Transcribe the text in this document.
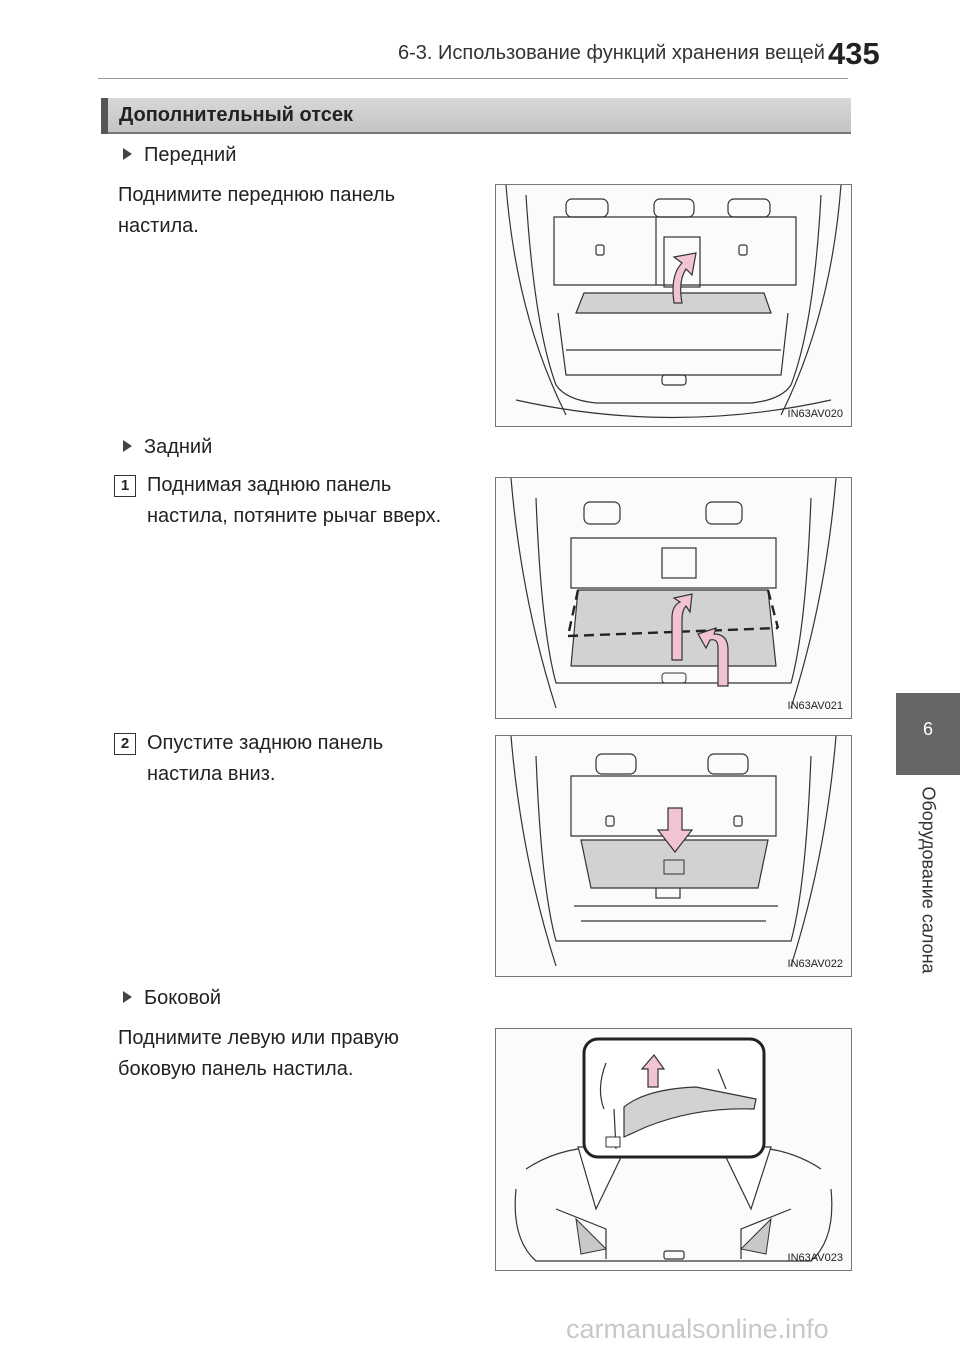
6-3. Использование функций хранения вещей 435
Дополнительный отсек
Передний
Поднимите переднюю панель
настила.
IN63AV020
Задний
1 Поднимая заднюю панель
настила, потяните рычаг вверх.
IN63AV021
2 Опустите заднюю панель
настила вниз.
IN63AV022
Боковой
Поднимите левую или правую
боковую панель настила.
IN63AV023
6
Оборудование салона
carmanualsonline.info
